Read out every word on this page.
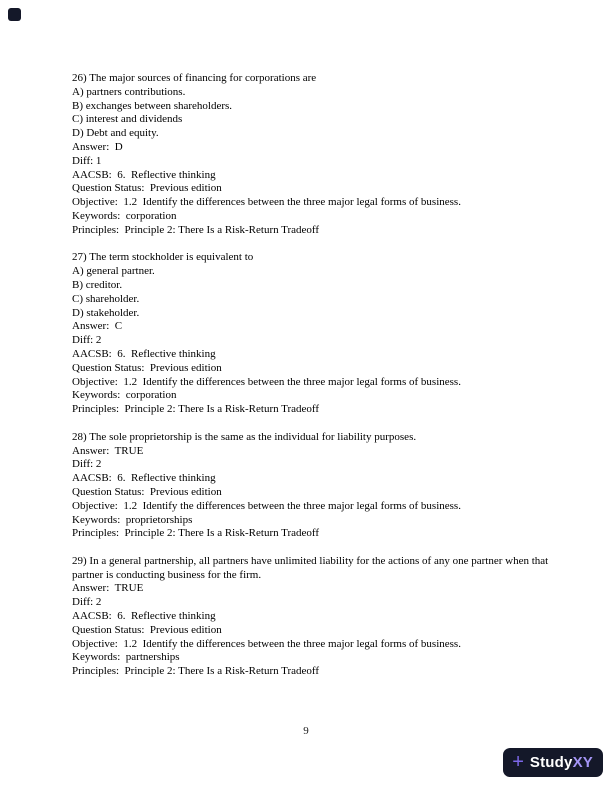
26) The major sources of financing for corporations are

A) partners contributions.

B) exchanges between shareholders.

C) interest and dividends

D) Debt and equity.

Answer:  D

Diff: 1

AACSB:  6.  Reflective thinking

Question Status:  Previous edition

Objective:  1.2  Identify the differences between the three major legal forms of business.

Keywords:  corporation

Principles:  Principle 2: There Is a Risk-Return Tradeoff

27) The term stockholder is equivalent to

A) general partner.

B) creditor.

C) shareholder.

D) stakeholder.

Answer:  C

Diff: 2

AACSB:  6.  Reflective thinking

Question Status:  Previous edition

Objective:  1.2  Identify the differences between the three major legal forms of business.

Keywords:  corporation

Principles:  Principle 2: There Is a Risk-Return Tradeoff

28) The sole proprietorship is the same as the individual for liability purposes.

Answer:  TRUE

Diff: 2

AACSB:  6.  Reflective thinking

Question Status:  Previous edition

Objective:  1.2  Identify the differences between the three major legal forms of business.

Keywords:  proprietorships

Principles:  Principle 2: There Is a Risk-Return Tradeoff

29) In a general partnership, all partners have unlimited liability for the actions of any one partner when that partner is conducting business for the firm.

Answer:  TRUE

Diff: 2

AACSB:  6.  Reflective thinking

Question Status:  Previous edition

Objective:  1.2  Identify the differences between the three major legal forms of business.

Keywords:  partnerships

Principles:  Principle 2: There Is a Risk-Return Tradeoff

9
+ StudyXY
